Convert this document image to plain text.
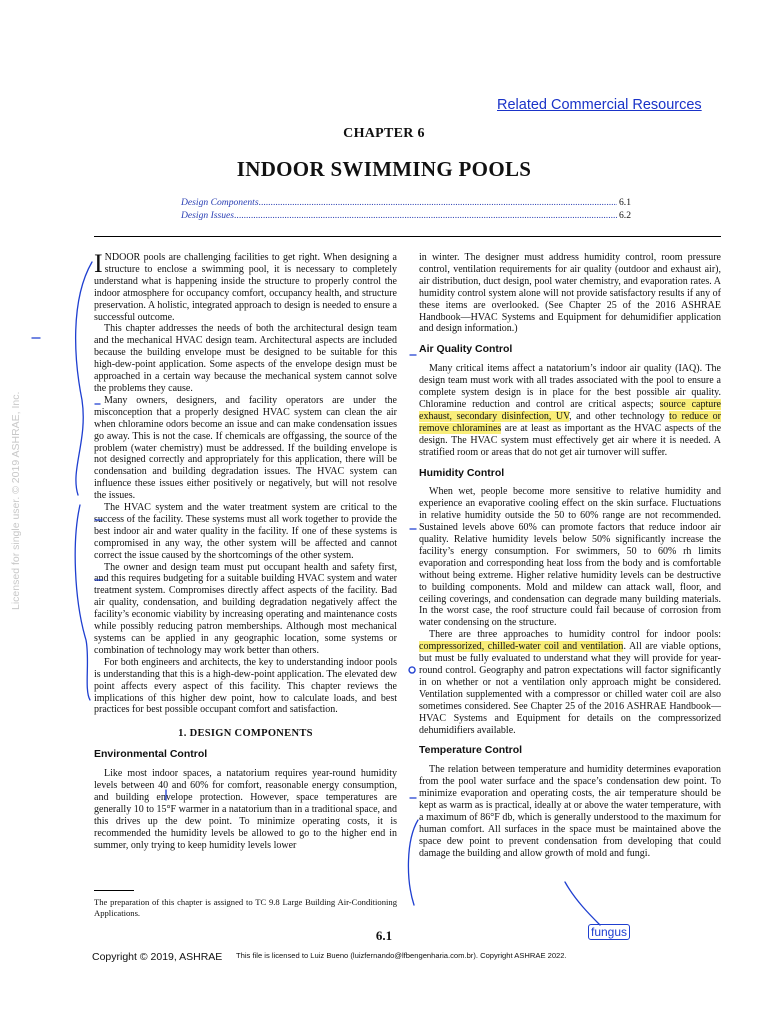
Related Commercial Resources
CHAPTER 6
INDOOR SWIMMING POOLS
Design Components .....	6.1
Design Issues .....	6.2

INDOOR pools are challenging facilities to get right. When designing a structure to enclose a swimming pool, it is necessary to completely understand what is happening inside the structure to properly control the indoor atmosphere for occupancy comfort, occupancy health, and structure preservation. A holistic, integrated approach to design is needed to ensure a successful outcome.

This chapter addresses the needs of both the architectural design team and the mechanical HVAC design team. Architectural aspects are included because the building envelope must be designed to be suitable for this high-dew-point application. Some aspects of the envelope design must be approached in a certain way because the mechanical system cannot solve the problems they cause.

Many owners, designers, and facility operators are under the misconception that a properly designed HVAC system can clean the air when chloramine odors become an issue and can make condensation issues go away. This is not the case. If chemicals are offgassing, the source of the problem (water chemistry) must be addressed. If the building envelope is not designed correctly and appropriately for this application, there will be condensation and building degradation issues. The HVAC system can influence these issues either positively or negatively, but will not resolve the issues.

The HVAC system and the water treatment system are critical to the success of the facility. These systems must all work together to provide the best indoor air and water quality in the facility. If one of these systems is compromised in any way, the other system will be affected and cannot correct the issue caused by the shortcomings of the other system.

The owner and design team must put occupant health and safety first, and this requires budgeting for a suitable building HVAC system and water treatment system. Compromises directly affect aspects of the facility. Bad air quality, condensation, and building degradation negatively affect the facility’s economic viability by increasing operating and maintenance costs while possibly reducing patron memberships. Although most mechanical systems can be applied in any geographic location, some systems or combination of technology may work better than others.

For both engineers and architects, the key to understanding indoor pools is understanding that this is a high-dew-point application. The elevated dew point affects every aspect of this facility. This chapter reviews the implications of this higher dew point, how to calculate loads, and best practices for best possible occupant comfort and satisfaction.

1. DESIGN COMPONENTS
Environmental Control

Like most indoor spaces, a natatorium requires year-round humidity levels between 40 and 60% for comfort, reasonable energy consumption, and building envelope protection. However, space temperatures are generally 10 to 15°F warmer in a natatorium than in a traditional space, and this drives up the dew point. To minimize operating costs, it is recommended the humidity levels be allowed to go to the higher end in summer, only trying to keep humidity levels lower

The preparation of this chapter is assigned to TC 9.8 Large Building Air-Conditioning Applications.

in winter. The designer must address humidity control, room pressure control, ventilation requirements for air quality (outdoor and exhaust air), air distribution, duct design, pool water chemistry, and evaporation rates. A humidity control system alone will not provide satisfactory results if any of these items are overlooked. (See Chapter 25 of the 2016 ASHRAE Handbook—HVAC Systems and Equipment for dehumidifier application and design information.)

Air Quality Control

Many critical items affect a natatorium’s indoor air quality (IAQ). The design team must work with all trades associated with the pool to ensure a complete system design is in place for the best possible air quality. Chloramine reduction and control are critical aspects; source capture exhaust, secondary disinfection, UV, and other technology to reduce or remove chloramines are at least as important as the HVAC aspects of the design. The HVAC system must effectively get air where it is needed. A stratified room or areas that do not get air turnover will suffer.

Humidity Control

When wet, people become more sensitive to relative humidity and experience an evaporative cooling effect on the skin surface. Fluctuations in relative humidity outside the 50 to 60% range are not recommended. Sustained levels above 60% can promote factors that reduce indoor air quality. Relative humidity levels below 50% significantly increase the facility’s energy consumption. For swimmers, 50 to 60% rh limits evaporation and corresponding heat loss from the body and is comfortable without being extreme. Higher relative humidity levels can be destructive to building components. Mold and mildew can attack wall, floor, and ceiling coverings, and condensation can degrade many building materials. In the worst case, the roof structure could fail because of corrosion from water condensing on the structure.

There are three approaches to humidity control for indoor pools: compressorized, chilled-water coil and ventilation. All are viable options, but must be fully evaluated to understand what they will provide for year-round control. Geography and patron expectations will factor significantly in on whether or not a ventilation only approach might be considered. Ventilation supplemented with a compressor or chilled water coil are also sometimes considered. See Chapter 25 of the 2016 ASHRAE Handbook—HVAC Systems and Equipment for details on the compressorized dehumidifiers available.

Temperature Control

The relation between temperature and humidity determines evaporation from the pool water surface and the space’s condensation dew point. To minimize evaporation and operating costs, the air temperature should be kept as warm as is practical, ideally at or above the water temperature, with a maximum of 86°F db, which is generally understood to the maximum for human comfort. All surfaces in the space must be maintained above the space dew point to prevent condensation from developing that could damage the building and allow growth of mold and fungi.

fungus
6.1
Copyright © 2019, ASHRAE This file is licensed to Luiz Bueno (luizfernando@lfbengenharia.com.br). Copyright ASHRAE 2022.
Licensed for single user. © 2019 ASHRAE, Inc.
